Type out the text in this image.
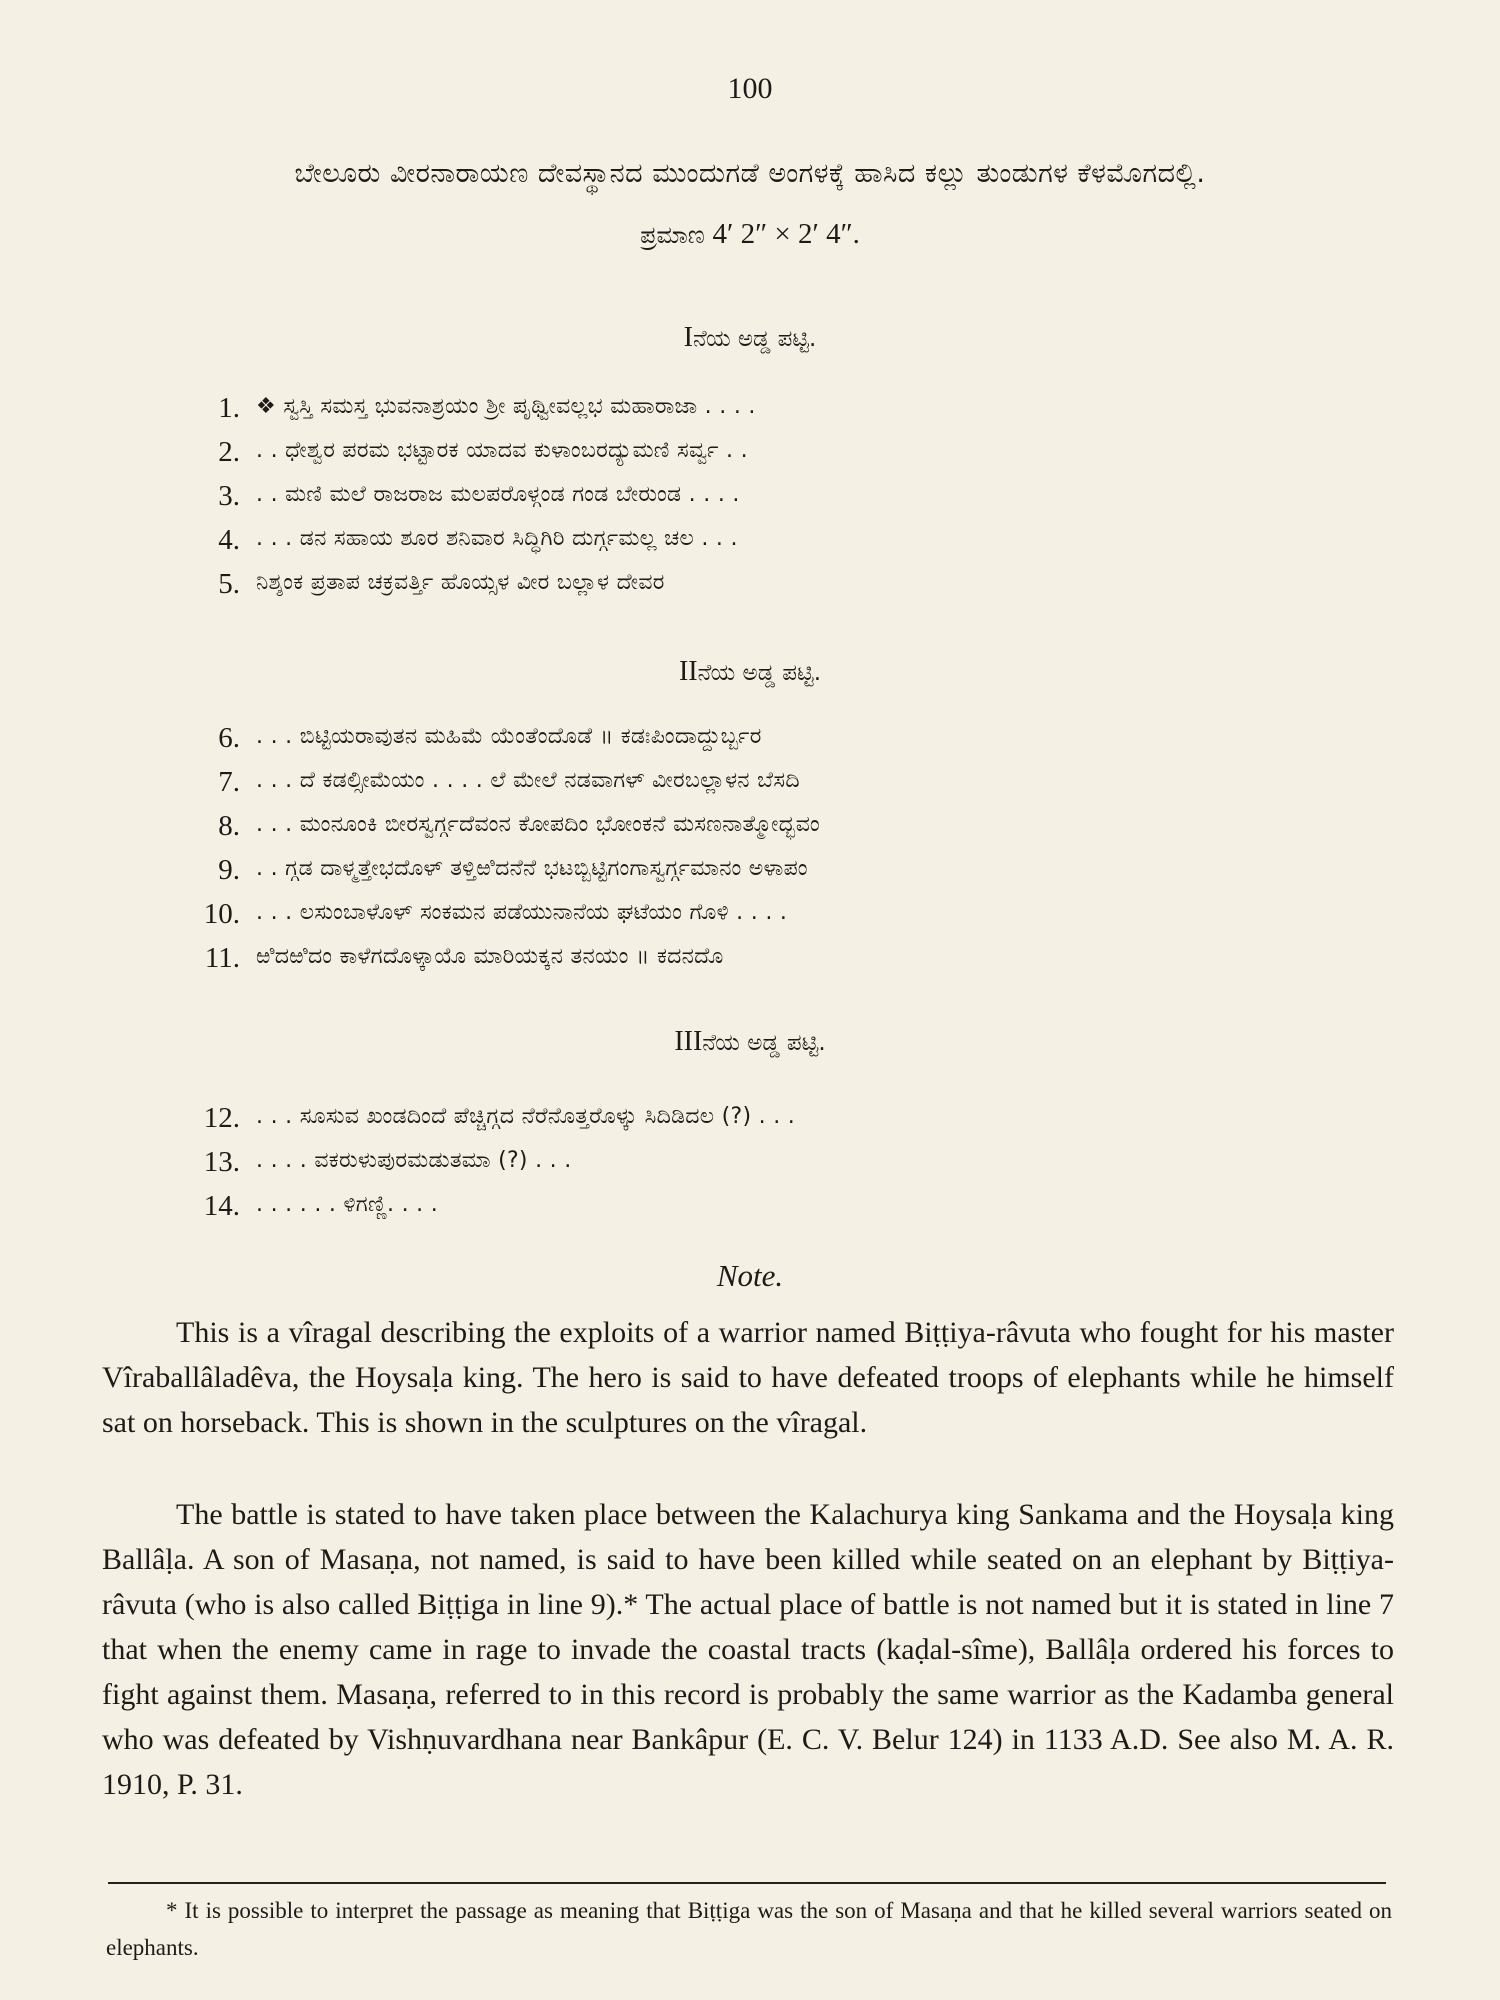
100
ಬೇಲೂರು ವೀರನಾರಾಯಣ ದೇವಸ್ಥಾನದ ಮುಂದುಗಡೆ ಅಂಗಳಕ್ಕೆ ಹಾಸಿದ ಕಲ್ಲು ತುಂಡುಗಳ ಕೆಳಮೊಗದಲ್ಲಿ.
ಪ್ರಮಾಣ 4′ 2″ × 2′ 4″.
Iನೆಯ ಅಡ್ಡ ಪಟ್ಟಿ.
1. ❖ ಸ್ವಸ್ತಿ ಸಮಸ್ತ ಭುವನಾಶ್ರಯಂ ಶ್ರೀ ಪೃಥ್ವೀವಲ್ಲಭ ಮಹಾರಾಜಾ . . . .
2. . . ಧೇಶ್ವರ ಪರಮ ಭಟ್ಟಾರಕ ಯಾದವ ಕುಳಾಂಬರದ್ಯುಮಣಿ ಸರ್ವ್ವ . .
3. . . ಮಣಿ ಮಲೆ ರಾಜರಾಜ ಮಲಪರೊಳ್ಗಂಡ ಗಂಡ ಬೇರುಂಡ . . . .
4. . . . ಡನ ಸಹಾಯ ಶೂರ ಶನಿವಾರ ಸಿದ್ಧಿಗಿರಿ ದುರ್ಗ್ಗಮಲ್ಲ ಚಲ . . .
5. ನಿಶ್ಶಂಕ ಪ್ರತಾಪ ಚಕ್ರವರ್ತ್ತಿ ಹೊಯ್ಸಳ ವೀರ ಬಲ್ಲಾಳ ದೇವರ
IIನೆಯ ಅಡ್ಡ ಪಟ್ಟಿ.
6. . . . ಬಿಟ್ಟಿಯರಾವುತನ ಮಹಿಮೆ ಯೆಂತೆಂದೊಡೆ ॥ ಕಡಃಪಿಂದಾದ್ದುರ್ಬ್ಬರ
7. . . . ದೆ ಕಡಲ್ಸೀಮೆಯಂ . . . . ಲೆ ಮೇಲೆ ನಡವಾಗಳ್ ವೀರಬಲ್ಲಾಳನ ಬೆಸದಿ
8. . . . ಮಂನೂಂಕಿ ಬೀರಸ್ವರ್ಗ್ಗದೆವಂನ ಕೋಪದಿಂ ಭೋಂಕನೆ ಮಸಣನಾತ್ಮೋದ್ಭವಂ
9. . . ಗ್ಗಡ ದಾಳ್ಮತ್ತೇಭದೊಳ್ ತಳ್ತಿಱಿದನೆನೆ ಭಟಬ್ಬಿಟ್ಟಿಗಂಗಾಸ್ವರ್ಗ್ಗಮಾನಂ ಅಳಾಪಂ
10. . . . ಲಸುಂಬಾಳೊಳ್ ಸಂಕಮನ ಪಡೆಯುನಾನೆಯ ಘಟೆಯಂ ಗೊಳಿ . . . .
11. ಱಿದಱಿದಂ ಕಾಳೆಗದೊಳ್ಕಾಯೊ ಮಾರಿಯಕ್ಕನ ತನಯಂ ॥ ಕದನದೊ
IIIನೆಯ ಅಡ್ಡ ಪಟ್ಟಿ.
12. . . . ಸೂಸುವ ಖಂಡದಿಂದೆ ಪೆಚ್ಚಿಗ್ಗದ ನೆರೆನೊತ್ತರೊಳ್ಕು ಸಿದಿಡಿದಲ (?) . . .
13. . . . . ವಕರುಳುಪುರಮಡುತಮಾ (?) . . .
14. . . . . . . ಳಿಗಣ್ಣಿ. . . .
Note.
This is a vîragal describing the exploits of a warrior named Biṭṭiya-râvuta who fought for his master Vîraballâladêva, the Hoysaḷa king. The hero is said to have defeated troops of elephants while he himself sat on horseback. This is shown in the sculptures on the vîragal.
The battle is stated to have taken place between the Kalachurya king Sankama and the Hoysaḷa king Ballâḷa. A son of Masaṇa, not named, is said to have been killed while seated on an elephant by Biṭṭiya-râvuta (who is also called Biṭṭiga in line 9).* The actual place of battle is not named but it is stated in line 7 that when the enemy came in rage to invade the coastal tracts (kaḍal-sîme), Ballâḷa ordered his forces to fight against them. Masaṇa, referred to in this record is probably the same warrior as the Kadamba general who was defeated by Vishṇuvardhana near Bankâpur (E. C. V. Belur 124) in 1133 A.D. See also M. A. R. 1910, P. 31.
* It is possible to interpret the passage as meaning that Biṭṭiga was the son of Masaṇa and that he killed several warriors seated on elephants.
